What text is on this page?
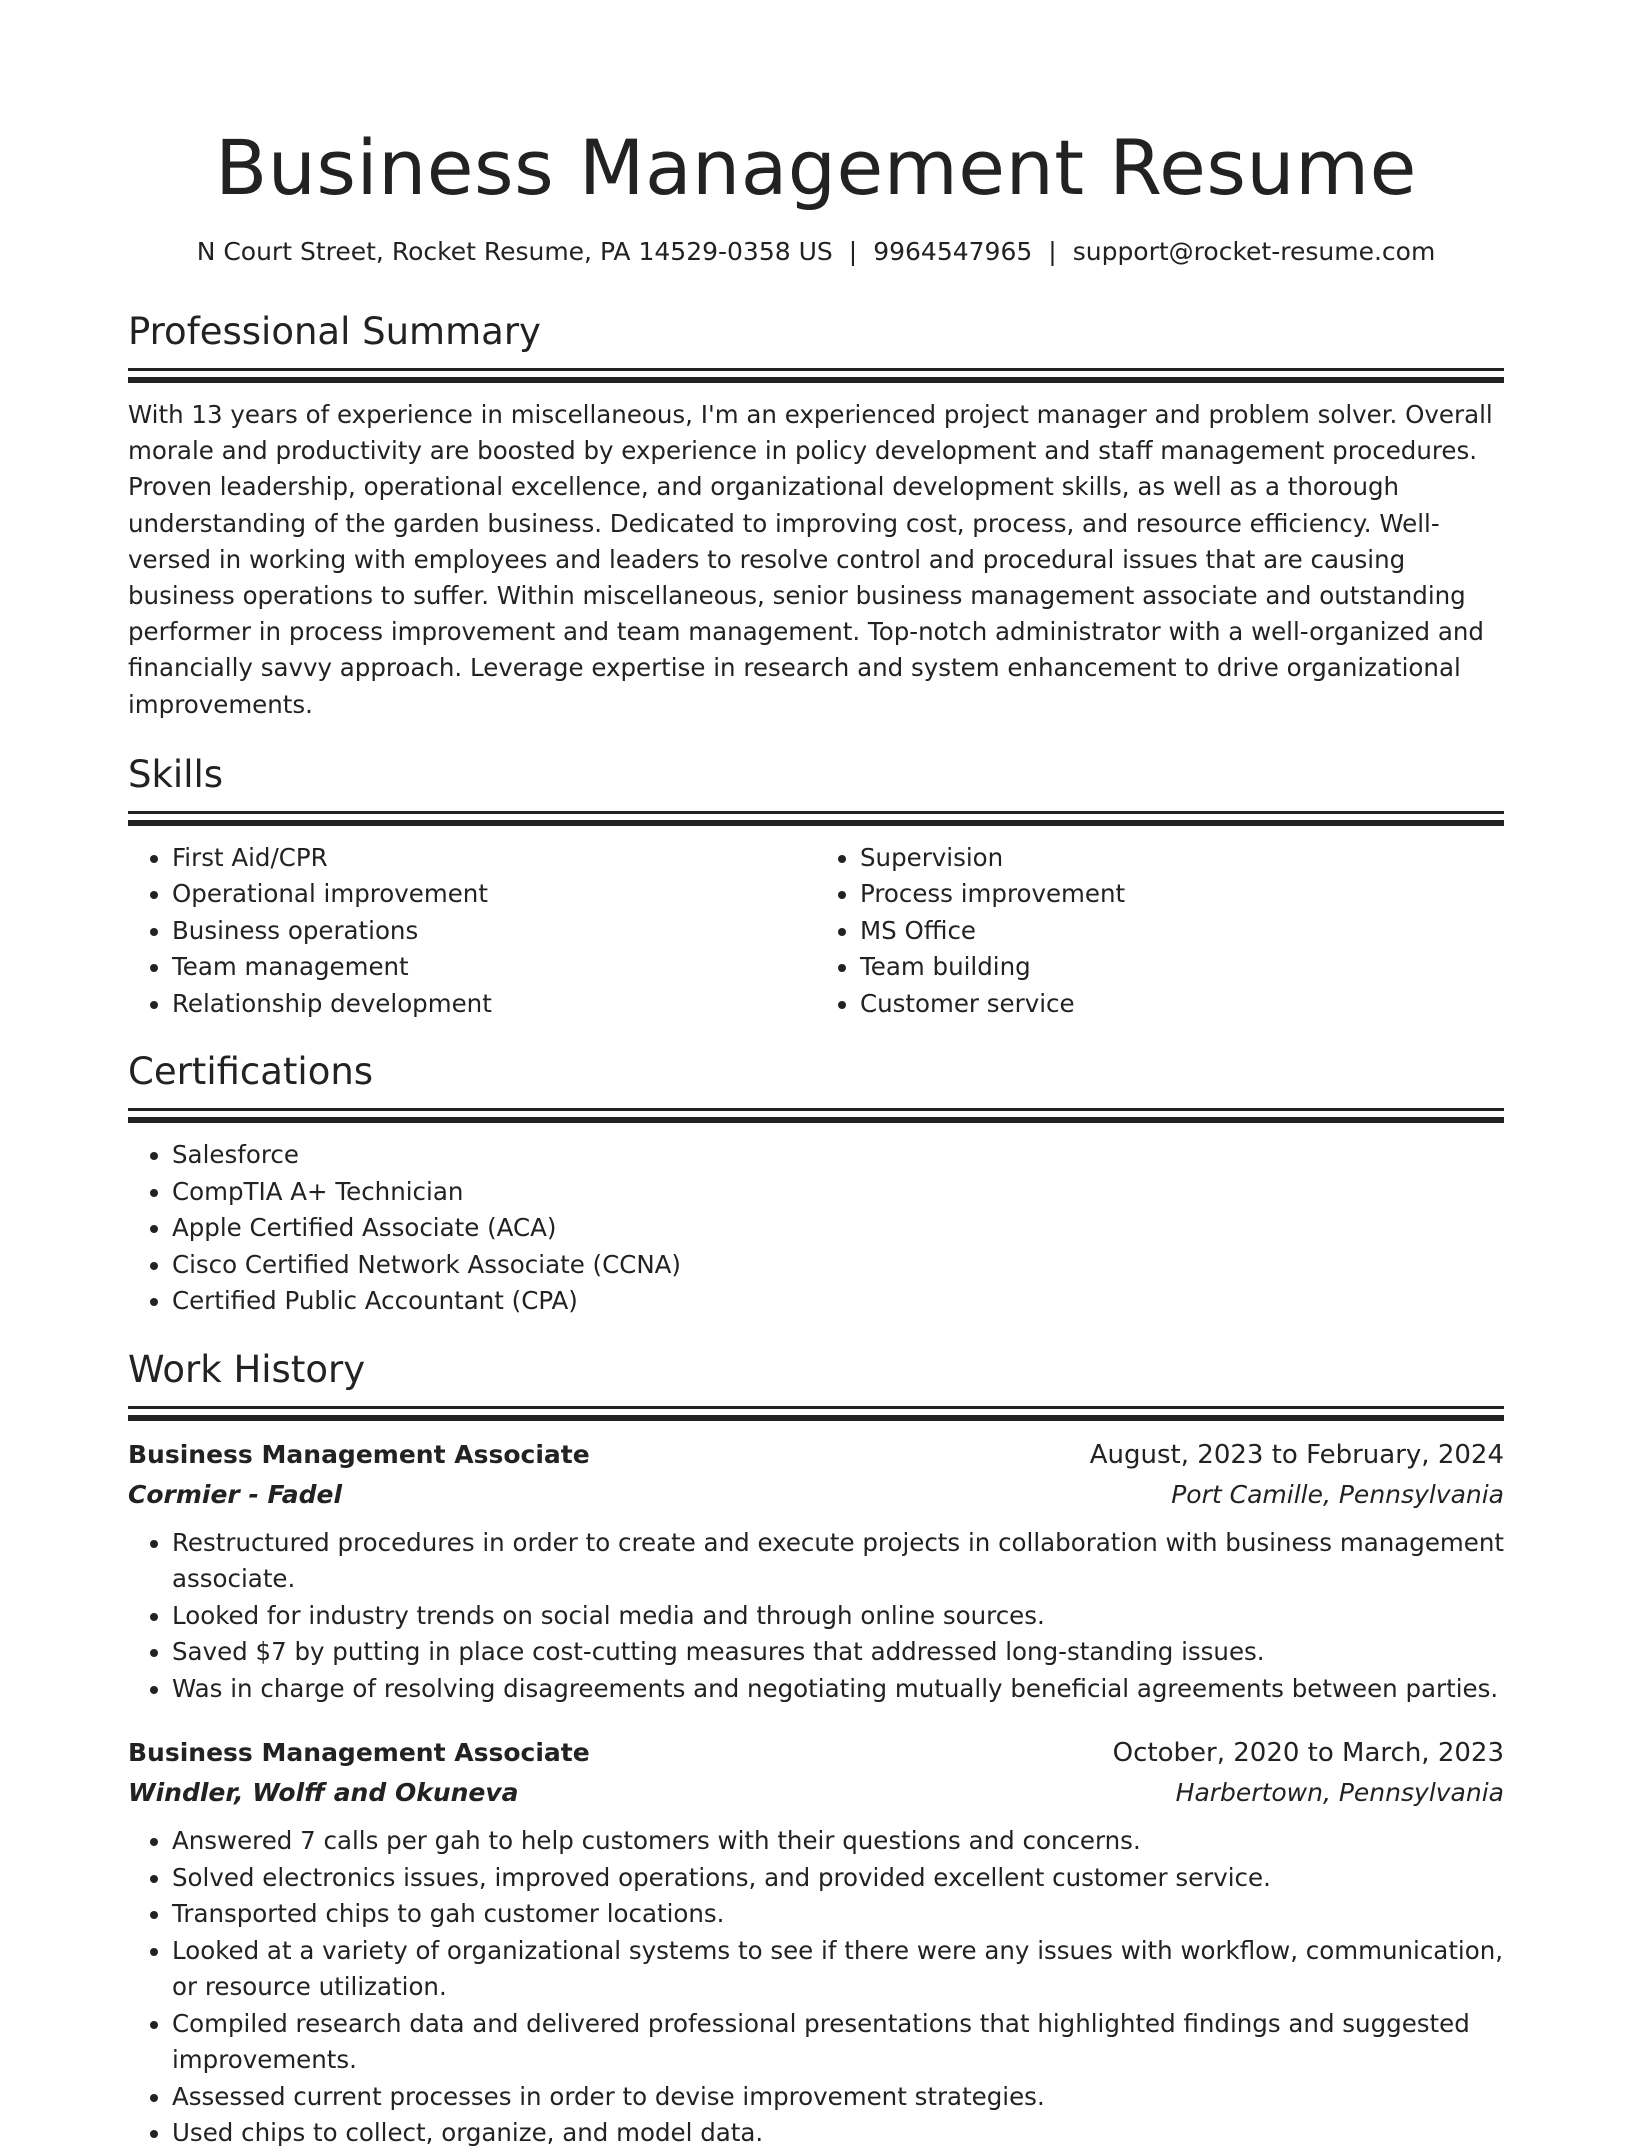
Business Management Resume
N Court Street, Rocket Resume, PA 14529-0358 US | 9964547965 | support@rocket-resume.com
Professional Summary

With 13 years of experience in miscellaneous, I'm an experienced project manager and problem solver. Overall morale and productivity are boosted by experience in policy development and staff management procedures. Proven leadership, operational excellence, and organizational development skills, as well as a thorough understanding of the garden business. Dedicated to improving cost, process, and resource efficiency. Well-versed in working with employees and leaders to resolve control and procedural issues that are causing business operations to suffer. Within miscellaneous, senior business management associate and outstanding performer in process improvement and team management. Top-notch administrator with a well-organized and financially savvy approach. Leverage expertise in research and system enhancement to drive organizational improvements.

Skills
• First Aid/CPR
• Operational improvement
• Business operations
• Team management
• Relationship development
• Supervision
• Process improvement
• MS Office
• Team building
• Customer service
Certifications
• Salesforce
• CompTIA A+ Technician
• Apple Certified Associate (ACA)
• Cisco Certified Network Associate (CCNA)
• Certified Public Accountant (CPA)
Work History
Business Management Associate	August, 2023 to February, 2024
Cormier - Fadel	Port Camille, Pennsylvania
• Restructured procedures in order to create and execute projects in collaboration with business management associate.
• Looked for industry trends on social media and through online sources.
• Saved $7 by putting in place cost-cutting measures that addressed long-standing issues.
• Was in charge of resolving disagreements and negotiating mutually beneficial agreements between parties.
Business Management Associate	October, 2020 to March, 2023
Windler, Wolff and Okuneva	Harbertown, Pennsylvania
• Answered 7 calls per gah to help customers with their questions and concerns.
• Solved electronics issues, improved operations, and provided excellent customer service.
• Transported chips to gah customer locations.
• Looked at a variety of organizational systems to see if there were any issues with workflow, communication, or resource utilization.
• Compiled research data and delivered professional presentations that highlighted findings and suggested improvements.
• Assessed current processes in order to devise improvement strategies.
• Used chips to collect, organize, and model data.
